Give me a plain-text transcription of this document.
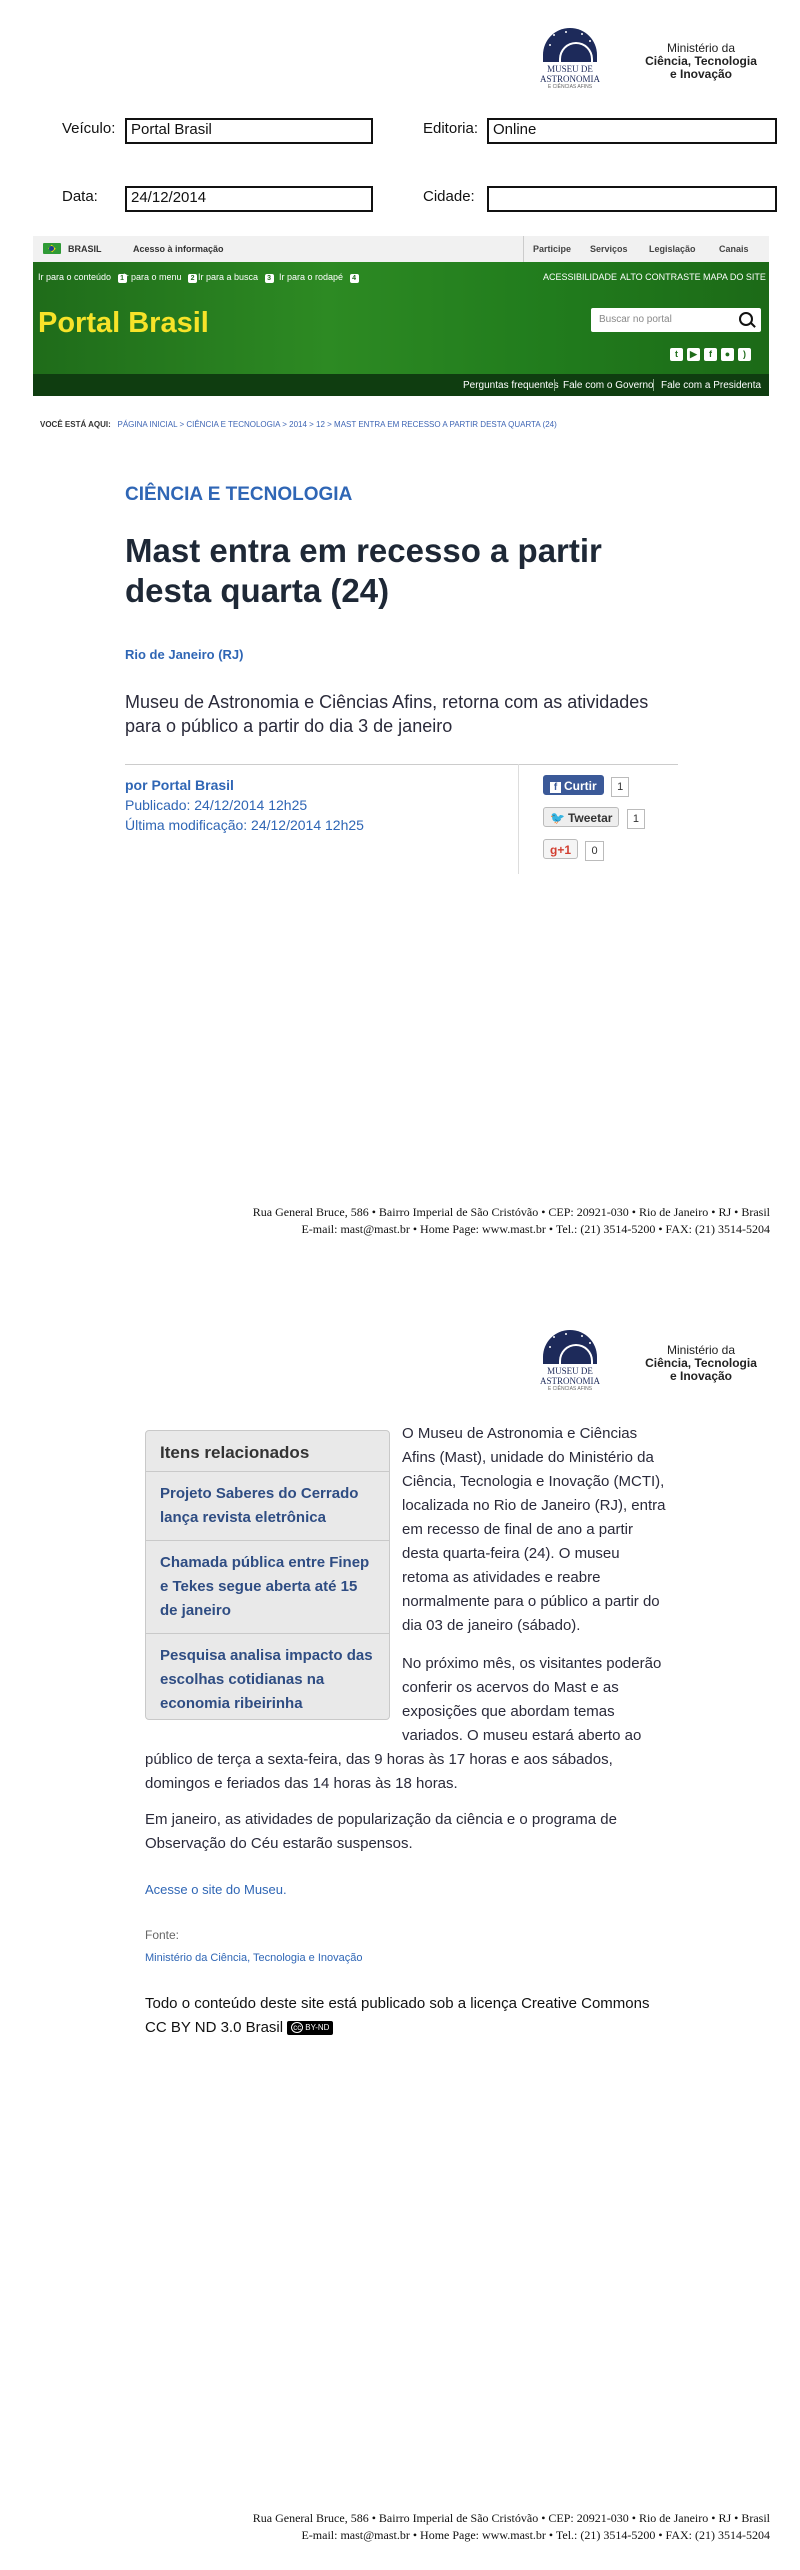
MUSEU DE
ASTRONOMIA
E CIÊNCIAS AFINS
Ministério da
Ciência, Tecnologia
e Inovação
Veículo:	Portal Brasil	Editoria: Online
Data:	24/12/2014	Cidade:
BRASIL	Acesso à informação	Participe Serviços Legislação	Canais
Ir para o conteúdo 1
Ir para o menu 2 Ir para a busca 3 Ir para o rodapé 4	ACESSIBILIDADE ALTO CONTRASTE MAPA DO SITE
Portal Brasil	Buscar no portal
t ▶ f ● )
Perguntas frequentes Fale com o Governo Fale com a Presidenta
VOCÊ ESTÁ AQUI: PÁGINA INICIAL > CIÊNCIA E TECNOLOGIA > 2014 > 12 > MAST ENTRA EM RECESSO A PARTIR DESTA QUARTA (24)
CIÊNCIA E TECNOLOGIA
Mast entra em recesso a partir
desta quarta (24)
Rio de Janeiro (RJ)
Museu de Astronomia e Ciências Afins, retorna com as atividades
para o público a partir do dia 3 de janeiro
por Portal Brasil
Publicado: 24/12/2014 12h25
Última modificação: 24/12/2014 12h25
f Curtir 1
🐦 Tweetar 1
g+1 0
Rua General Bruce, 586 • Bairro Imperial de São Cristóvão • CEP: 20921-030 • Rio de Janeiro • RJ • Brasil
E-mail: mast@mast.br • Home Page: www.mast.br • Tel.: (21) 3514-5200 • FAX: (21) 3514-5204
MUSEU DE
ASTRONOMIA
E CIÊNCIAS AFINS
Ministério da
Ciência, Tecnologia
e Inovação
Itens relacionados
Projeto Saberes do Cerrado lança revista eletrônica
Chamada pública entre Finep e Tekes segue aberta até 15 de janeiro
Pesquisa analisa impacto das escolhas cotidianas na economia ribeirinha
O Museu de Astronomia e Ciências
Afins (Mast), unidade do Ministério da
Ciência, Tecnologia e Inovação (MCTI),
localizada no Rio de Janeiro (RJ), entra
em recesso de final de ano a partir
desta quarta-feira (24). O museu
retoma as atividades e reabre
normalmente para o público a partir do
dia 03 de janeiro (sábado).
No próximo mês, os visitantes poderão
conferir os acervos do Mast e as
exposições que abordam temas
variados. O museu estará aberto ao
público de terça a sexta-feira, das 9 horas às 17 horas e aos sábados,
domingos e feriados das 14 horas às 18 horas.
Em janeiro, as atividades de popularização da ciência e o programa de
Observação do Céu estarão suspensos.
Acesse o site do Museu.
Fonte:
Ministério da Ciência, Tecnologia e Inovação
Todo o conteúdo deste site está publicado sob a licença Creative Commons
CC BY ND 3.0 Brasil cc BY-ND
Rua General Bruce, 586 • Bairro Imperial de São Cristóvão • CEP: 20921-030 • Rio de Janeiro • RJ • Brasil
E-mail: mast@mast.br • Home Page: www.mast.br • Tel.: (21) 3514-5200 • FAX: (21) 3514-5204
